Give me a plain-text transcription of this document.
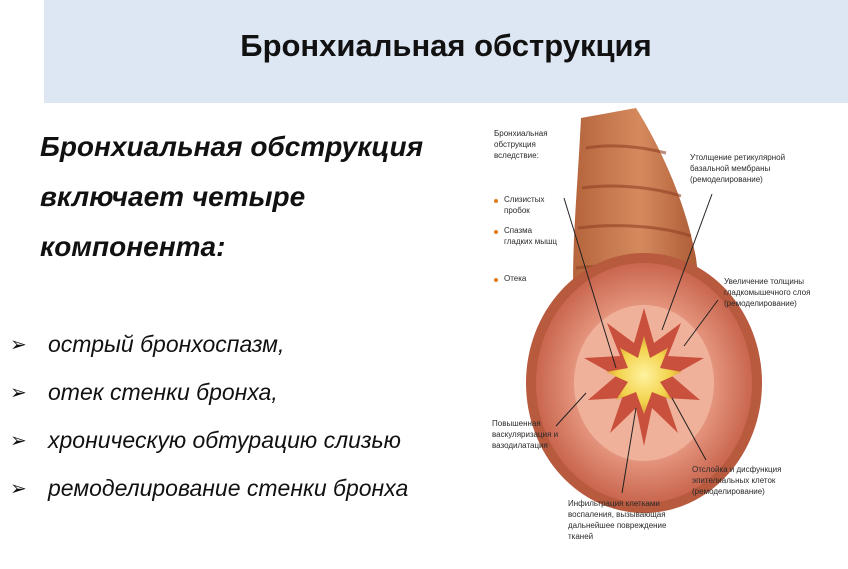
Бронхиальная обструкция
Бронхиальная обструкция включает четыре компонента:
➢ острый бронхоспазм,
➢ отек стенки бронха,
➢ хроническую обтурацию слизью
➢ ремоделирование стенки бронха
Бронхиальная обструкция вследствие:
Слизистых пробок
Спазма гладких мышц
Отека
Утолщение ретикулярной базальной мембраны (ремоделирование)
Увеличение толщины гладкомышечного слоя (ремоделирование)
Повышенная васкуляризация и вазодилатация
Отслойка и дисфункция эпителиальных клеток (ремоделирование)
Инфильтрация клетками воспаления, вызывающая дальнейшее повреждение тканей
